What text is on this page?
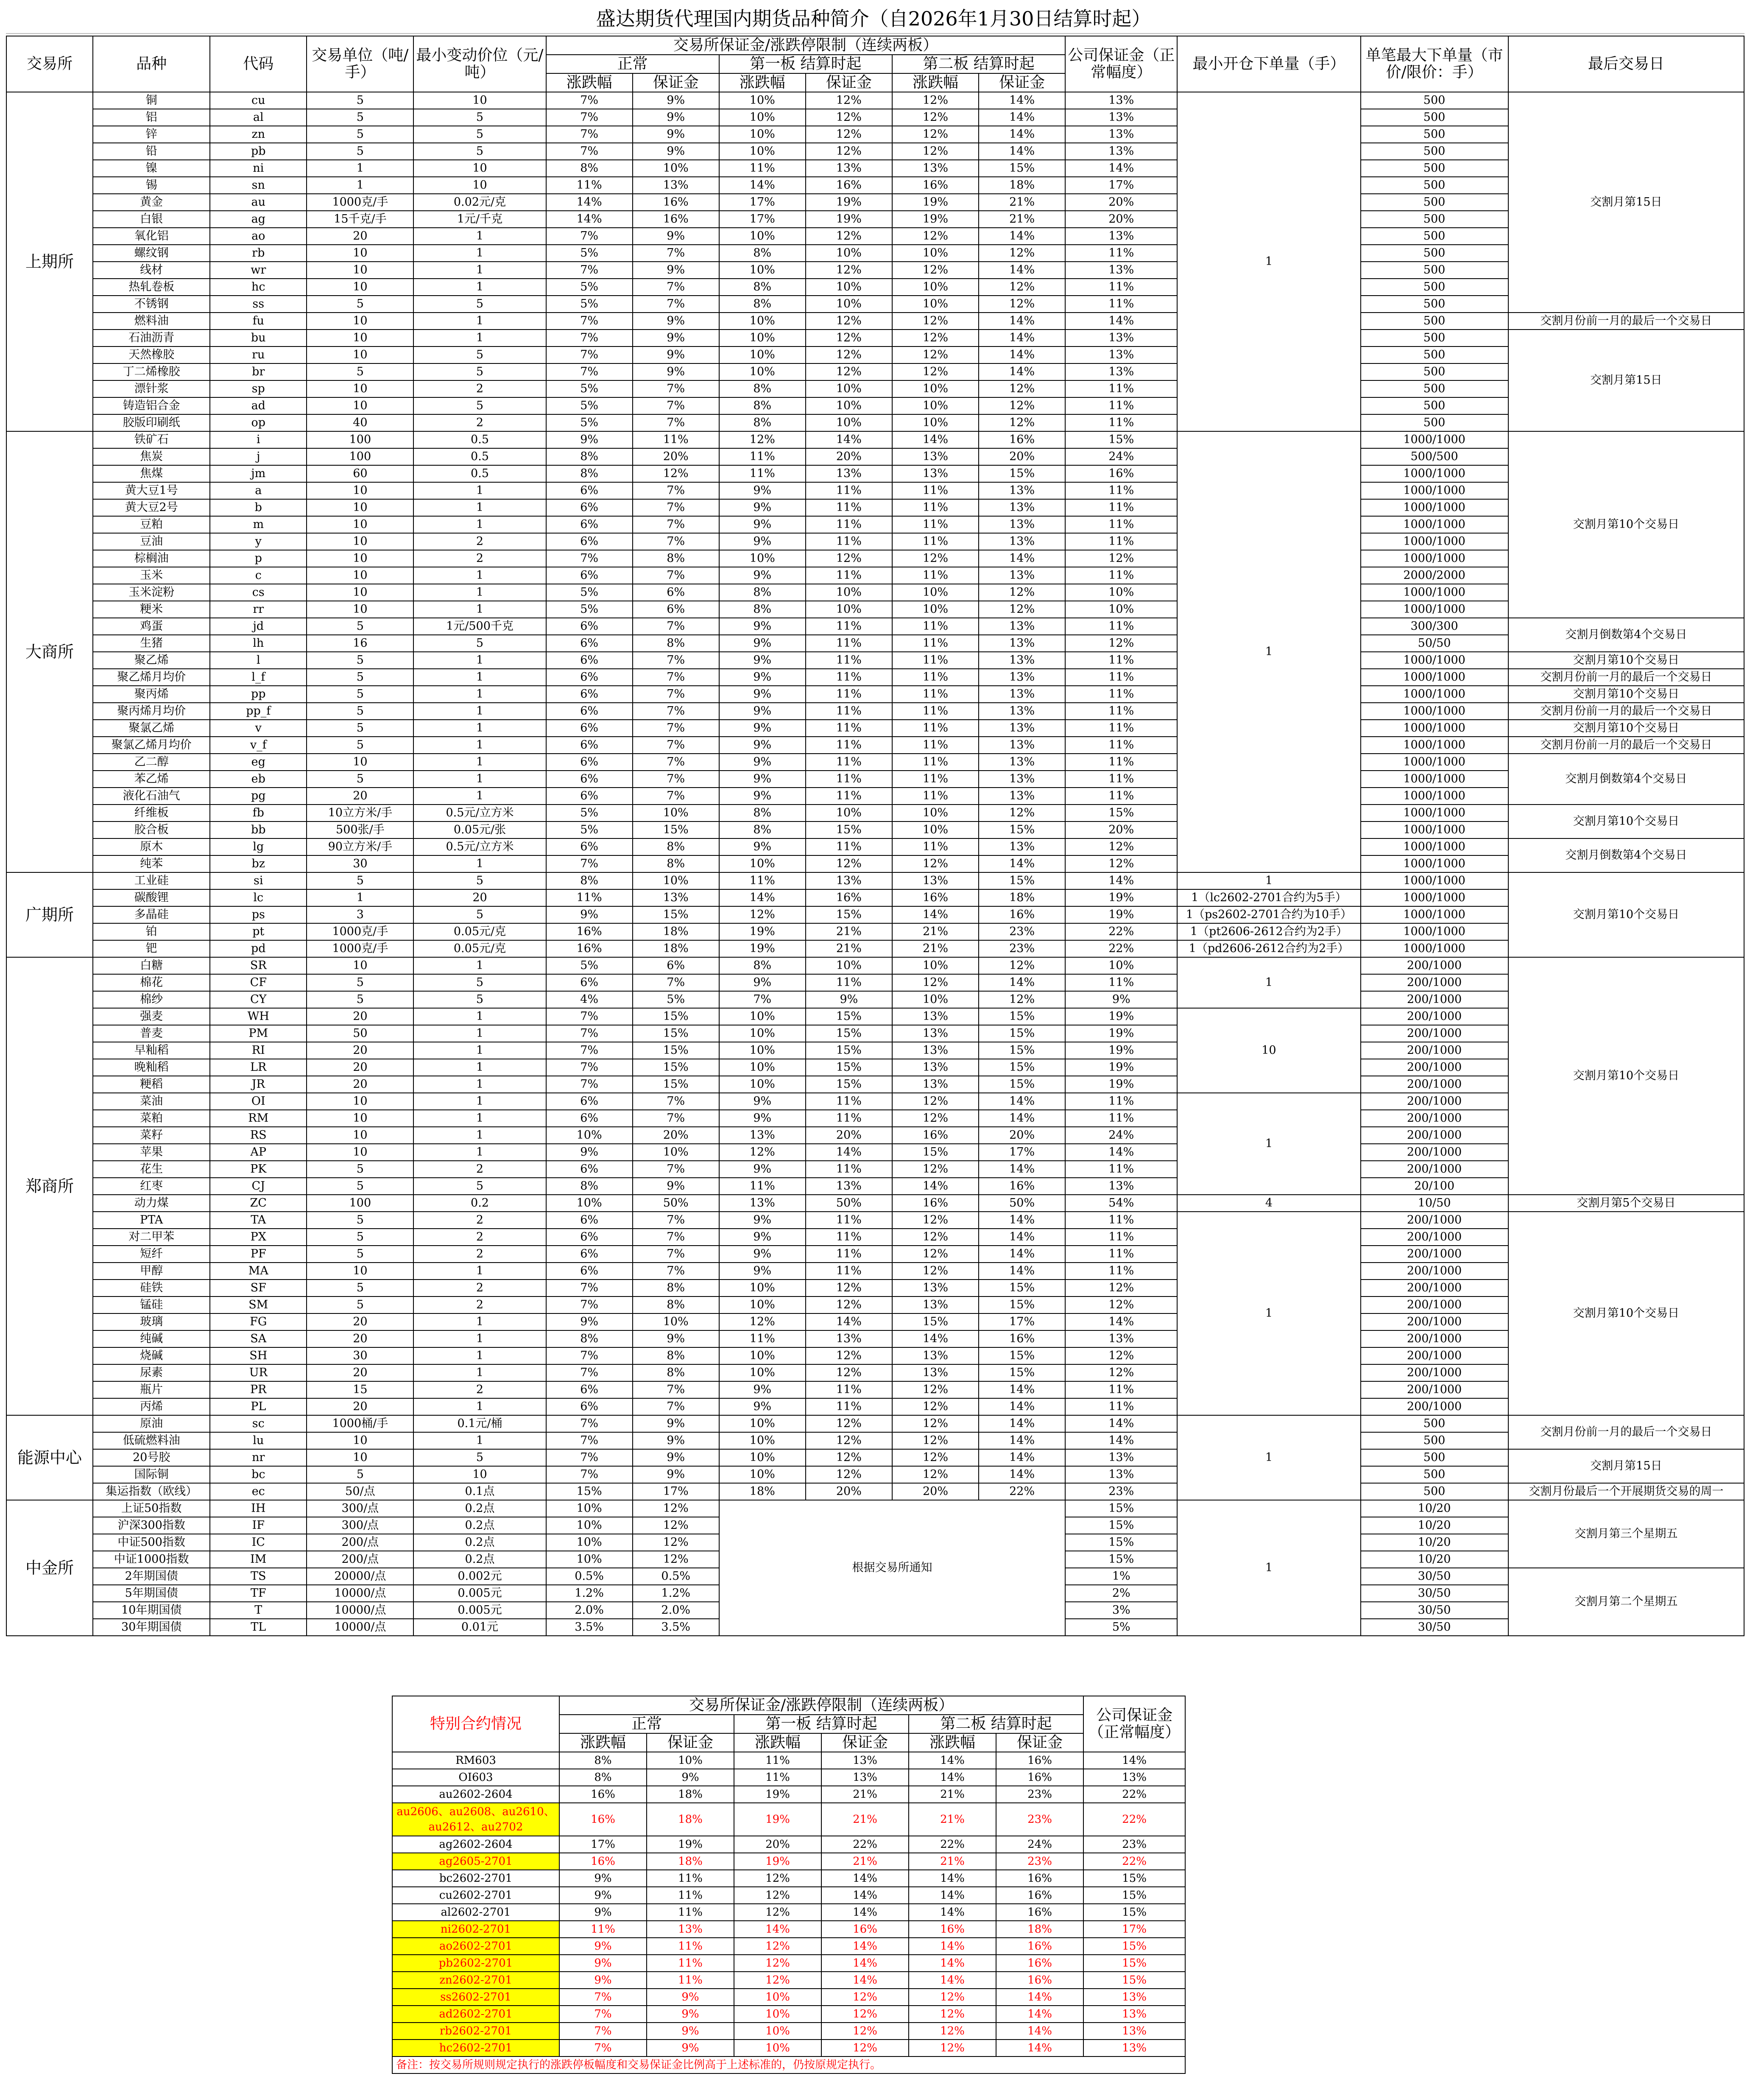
盛达期货代理国内期货品种简介（自2026年1月30日结算时起）
交易所	品种	代码	交易单位（吨/手）	最小变动价位（元/吨）	交易所保证金/涨跌停限制（连续两板）						公司保证金（正常幅度）	最小开仓下单量（手）	单笔最大下单量（市价/限价：手）	最后交易日
					正常		第一板 结算时起		第二板 结算时起					
					涨跌幅	保证金	涨跌幅	保证金	涨跌幅	保证金				
上期所	铜	cu	5	10	7%	9%	10%	12%	12%	14%	13%	1	500	交割月第15日
	铝	al	5	5	7%	9%	10%	12%	12%	14%	13%		500	
	锌	zn	5	5	7%	9%	10%	12%	12%	14%	13%		500	
	铅	pb	5	5	7%	9%	10%	12%	12%	14%	13%		500	
	镍	ni	1	10	8%	10%	11%	13%	13%	15%	14%		500	
	锡	sn	1	10	11%	13%	14%	16%	16%	18%	17%		500	
	黄金	au	1000克/手	0.02元/克	14%	16%	17%	19%	19%	21%	20%		500	
	白银	ag	15千克/手	1元/千克	14%	16%	17%	19%	19%	21%	20%		500	
	氧化铝	ao	20	1	7%	9%	10%	12%	12%	14%	13%		500	
	螺纹钢	rb	10	1	5%	7%	8%	10%	10%	12%	11%		500	
	线材	wr	10	1	7%	9%	10%	12%	12%	14%	13%		500	
	热轧卷板	hc	10	1	5%	7%	8%	10%	10%	12%	11%		500	
	不锈钢	ss	5	5	5%	7%	8%	10%	10%	12%	11%		500	
	燃料油	fu	10	1	7%	9%	10%	12%	12%	14%	14%		500	交割月份前一月的最后一个交易日
	石油沥青	bu	10	1	7%	9%	10%	12%	12%	14%	13%		500	交割月第15日
	天然橡胶	ru	10	5	7%	9%	10%	12%	12%	14%	13%		500	
	丁二烯橡胶	br	5	5	7%	9%	10%	12%	12%	14%	13%		500	
	漂针浆	sp	10	2	5%	7%	8%	10%	10%	12%	11%		500	
	铸造铝合金	ad	10	5	5%	7%	8%	10%	10%	12%	11%		500	
	胶版印刷纸	op	40	2	5%	7%	8%	10%	10%	12%	11%		500	
大商所	铁矿石	i	100	0.5	9%	11%	12%	14%	14%	16%	15%	1	1000/1000	交割月第10个交易日
	焦炭	j	100	0.5	8%	20%	11%	20%	13%	20%	24%		500/500	
	焦煤	jm	60	0.5	8%	12%	11%	13%	13%	15%	16%		1000/1000	
	黄大豆1号	a	10	1	6%	7%	9%	11%	11%	13%	11%		1000/1000	
	黄大豆2号	b	10	1	6%	7%	9%	11%	11%	13%	11%		1000/1000	
	豆粕	m	10	1	6%	7%	9%	11%	11%	13%	11%		1000/1000	
	豆油	y	10	2	6%	7%	9%	11%	11%	13%	11%		1000/1000	
	棕榈油	p	10	2	7%	8%	10%	12%	12%	14%	12%		1000/1000	
	玉米	c	10	1	6%	7%	9%	11%	11%	13%	11%		2000/2000	
	玉米淀粉	cs	10	1	5%	6%	8%	10%	10%	12%	10%		1000/1000	
	粳米	rr	10	1	5%	6%	8%	10%	10%	12%	10%		1000/1000	
	鸡蛋	jd	5	1元/500千克	6%	7%	9%	11%	11%	13%	11%		300/300	交割月倒数第4个交易日
	生猪	lh	16	5	6%	8%	9%	11%	11%	13%	12%		50/50	
	聚乙烯	l	5	1	6%	7%	9%	11%	11%	13%	11%		1000/1000	交割月第10个交易日
	聚乙烯月均价	l_f	5	1	6%	7%	9%	11%	11%	13%	11%		1000/1000	交割月份前一月的最后一个交易日
	聚丙烯	pp	5	1	6%	7%	9%	11%	11%	13%	11%		1000/1000	交割月第10个交易日
	聚丙烯月均价	pp_f	5	1	6%	7%	9%	11%	11%	13%	11%		1000/1000	交割月份前一月的最后一个交易日
	聚氯乙烯	v	5	1	6%	7%	9%	11%	11%	13%	11%		1000/1000	交割月第10个交易日
	聚氯乙烯月均价	v_f	5	1	6%	7%	9%	11%	11%	13%	11%		1000/1000	交割月份前一月的最后一个交易日
	乙二醇	eg	10	1	6%	7%	9%	11%	11%	13%	11%		1000/1000	交割月倒数第4个交易日
	苯乙烯	eb	5	1	6%	7%	9%	11%	11%	13%	11%		1000/1000	
	液化石油气	pg	20	1	6%	7%	9%	11%	11%	13%	11%		1000/1000	
	纤维板	fb	10立方米/手	0.5元/立方米	5%	10%	8%	10%	10%	12%	15%		1000/1000	交割月第10个交易日
	胶合板	bb	500张/手	0.05元/张	5%	15%	8%	15%	10%	15%	20%		1000/1000	
	原木	lg	90立方米/手	0.5元/立方米	6%	8%	9%	11%	11%	13%	12%		1000/1000	交割月倒数第4个交易日
	纯苯	bz	30	1	7%	8%	10%	12%	12%	14%	12%		1000/1000	
广期所	工业硅	si	5	5	8%	10%	11%	13%	13%	15%	14%	1	1000/1000	交割月第10个交易日
	碳酸锂	lc	1	20	11%	13%	14%	16%	16%	18%	19%	1（lc2602-2701合约为5手）	1000/1000	
	多晶硅	ps	3	5	9%	15%	12%	15%	14%	16%	19%	1（ps2602-2701合约为10手）	1000/1000	
	铂	pt	1000克/手	0.05元/克	16%	18%	19%	21%	21%	23%	22%	1（pt2606-2612合约为2手）	1000/1000	
	钯	pd	1000克/手	0.05元/克	16%	18%	19%	21%	21%	23%	22%	1（pd2606-2612合约为2手）	1000/1000	
郑商所	白糖	SR	10	1	5%	6%	8%	10%	10%	12%	10%	1	200/1000	交割月第10个交易日
	棉花	CF	5	5	6%	7%	9%	11%	12%	14%	11%		200/1000	
	棉纱	CY	5	5	4%	5%	7%	9%	10%	12%	9%		200/1000	
	强麦	WH	20	1	7%	15%	10%	15%	13%	15%	19%	10	200/1000	
	普麦	PM	50	1	7%	15%	10%	15%	13%	15%	19%		200/1000	
	早籼稻	RI	20	1	7%	15%	10%	15%	13%	15%	19%		200/1000	
	晚籼稻	LR	20	1	7%	15%	10%	15%	13%	15%	19%		200/1000	
	粳稻	JR	20	1	7%	15%	10%	15%	13%	15%	19%		200/1000	
	菜油	OI	10	1	6%	7%	9%	11%	12%	14%	11%	1	200/1000	
	菜粕	RM	10	1	6%	7%	9%	11%	12%	14%	11%		200/1000	
	菜籽	RS	10	1	10%	20%	13%	20%	16%	20%	24%		200/1000	
	苹果	AP	10	1	9%	10%	12%	14%	15%	17%	14%		200/1000	
	花生	PK	5	2	6%	7%	9%	11%	12%	14%	11%		200/1000	
	红枣	CJ	5	5	8%	9%	11%	13%	14%	16%	13%		20/100	
	动力煤	ZC	100	0.2	10%	50%	13%	50%	16%	50%	54%	4	10/50	交割月第5个交易日
	PTA	TA	5	2	6%	7%	9%	11%	12%	14%	11%	1	200/1000	交割月第10个交易日
	对二甲苯	PX	5	2	6%	7%	9%	11%	12%	14%	11%		200/1000	
	短纤	PF	5	2	6%	7%	9%	11%	12%	14%	11%		200/1000	
	甲醇	MA	10	1	6%	7%	9%	11%	12%	14%	11%		200/1000	
	硅铁	SF	5	2	7%	8%	10%	12%	13%	15%	12%		200/1000	
	锰硅	SM	5	2	7%	8%	10%	12%	13%	15%	12%		200/1000	
	玻璃	FG	20	1	9%	10%	12%	14%	15%	17%	14%		200/1000	
	纯碱	SA	20	1	8%	9%	11%	13%	14%	16%	13%		200/1000	
	烧碱	SH	30	1	7%	8%	10%	12%	13%	15%	12%		200/1000	
	尿素	UR	20	1	7%	8%	10%	12%	13%	15%	12%		200/1000	
	瓶片	PR	15	2	6%	7%	9%	11%	12%	14%	11%		200/1000	
	丙烯	PL	20	1	6%	7%	9%	11%	12%	14%	11%		200/1000	
能源中心	原油	sc	1000桶/手	0.1元/桶	7%	9%	10%	12%	12%	14%	14%	1	500	交割月份前一月的最后一个交易日
	低硫燃料油	lu	10	1	7%	9%	10%	12%	12%	14%	14%		500	
	20号胶	nr	10	5	7%	9%	10%	12%	12%	14%	13%		500	交割月第15日
	国际铜	bc	5	10	7%	9%	10%	12%	12%	14%	13%		500	
	集运指数（欧线）	ec	50/点	0.1点	15%	17%	18%	20%	20%	22%	23%		500	交割月份最后一个开展期货交易的周一
中金所	上证50指数	IH	300/点	0.2点	10%	12%	根据交易所通知				15%	1	10/20	交割月第三个星期五
	沪深300指数	IF	300/点	0.2点	10%	12%					15%		10/20	
	中证500指数	IC	200/点	0.2点	10%	12%					15%		10/20	
	中证1000指数	IM	200/点	0.2点	10%	12%					15%		10/20	
	2年期国债	TS	20000/点	0.002元	0.5%	0.5%					1%		30/50	交割月第二个星期五
	5年期国债	TF	10000/点	0.005元	1.2%	1.2%					2%		30/50	
	10年期国债	T	10000/点	0.005元	2.0%	2.0%					3%		30/50	
	30年期国债	TL	10000/点	0.01元	3.5%	3.5%					5%		30/50	
特别合约情况	交易所保证金/涨跌停限制（连续两板）						公司保证金（正常幅度）
	正常		第一板 结算时起		第二板 结算时起		
	涨跌幅	保证金	涨跌幅	保证金	涨跌幅	保证金	
RM603	8%	10%	11%	13%	14%	16%	14%
OI603	8%	9%	11%	13%	14%	16%	13%
au2602-2604	16%	18%	19%	21%	21%	23%	22%
au2606、au2608、au2610、au2612、au2702	16%	18%	19%	21%	21%	23%	22%
ag2602-2604	17%	19%	20%	22%	22%	24%	23%
ag2605-2701	16%	18%	19%	21%	21%	23%	22%
bc2602-2701	9%	11%	12%	14%	14%	16%	15%
cu2602-2701	9%	11%	12%	14%	14%	16%	15%
al2602-2701	9%	11%	12%	14%	14%	16%	15%
ni2602-2701	11%	13%	14%	16%	16%	18%	17%
ao2602-2701	9%	11%	12%	14%	14%	16%	15%
pb2602-2701	9%	11%	12%	14%	14%	16%	15%
zn2602-2701	9%	11%	12%	14%	14%	16%	15%
ss2602-2701	7%	9%	10%	12%	12%	14%	13%
ad2602-2701	7%	9%	10%	12%	12%	14%	13%
rb2602-2701	7%	9%	10%	12%	12%	14%	13%
hc2602-2701	7%	9%	10%	12%	12%	14%	13%
备注：按交易所规则规定执行的涨跌停板幅度和交易保证金比例高于上述标准的，仍按原规定执行。							
